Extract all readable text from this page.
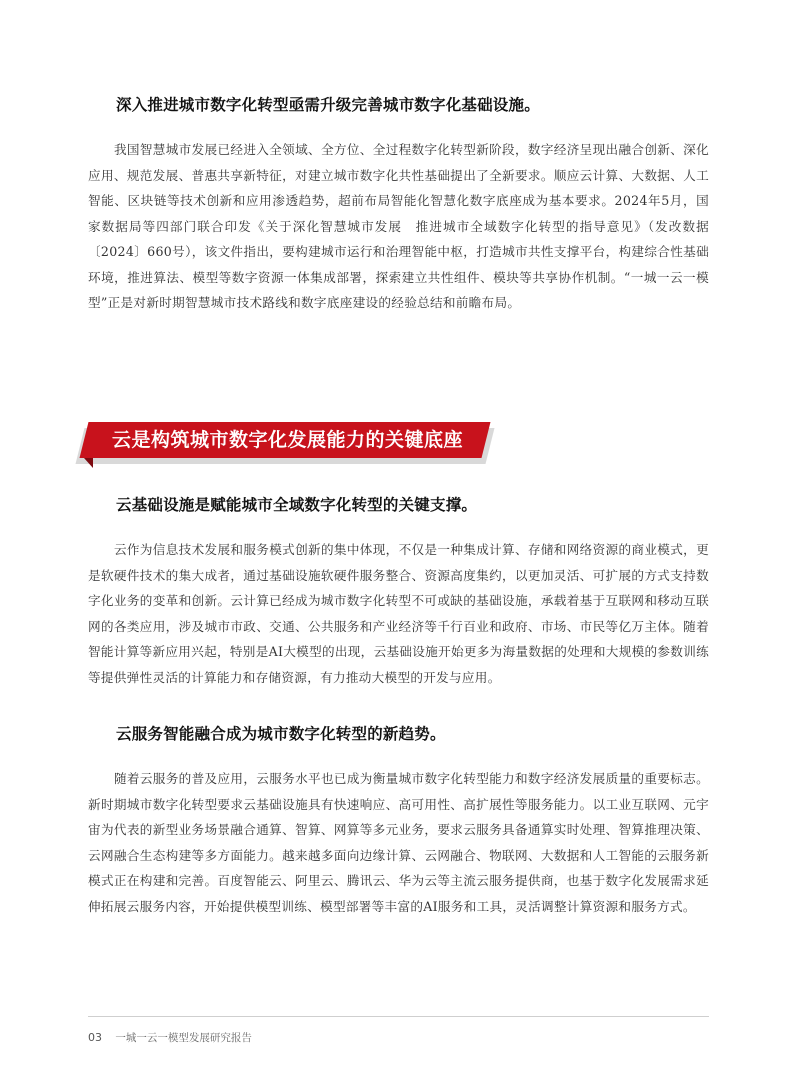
深入推进城市数字化转型亟需升级完善城市数字化基础设施。

我国智慧城市发展已经进入全领域、全方位、全过程数字化转型新阶段，数字经济呈现出融合创新、深化应用、规范发展、普惠共享新特征，对建立城市数字化共性基础提出了全新要求。顺应云计算、大数据、人工智能、区块链等技术创新和应用渗透趋势，超前布局智能化智慧化数字底座成为基本要求。2024年5月，国家数据局等四部门联合印发《关于深化智慧城市发展　推进城市全域数字化转型的指导意见》（发改数据〔2024〕660号），该文件指出，要构建城市运行和治理智能中枢，打造城市共性支撑平台，构建综合性基础环境，推进算法、模型等数字资源一体集成部署，探索建立共性组件、模块等共享协作机制。“一城一云一模型”正是对新时期智慧城市技术路线和数字底座建设的经验总结和前瞻布局。

云是构筑城市数字化发展能力的关键底座
云基础设施是赋能城市全域数字化转型的关键支撑。

云作为信息技术发展和服务模式创新的集中体现，不仅是一种集成计算、存储和网络资源的商业模式，更是软硬件技术的集大成者，通过基础设施软硬件服务整合、资源高度集约，以更加灵活、可扩展的方式支持数字化业务的变革和创新。云计算已经成为城市数字化转型不可或缺的基础设施，承载着基于互联网和移动互联网的各类应用，涉及城市市政、交通、公共服务和产业经济等千行百业和政府、市场、市民等亿万主体。随着智能计算等新应用兴起，特别是AI大模型的出现，云基础设施开始更多为海量数据的处理和大规模的参数训练等提供弹性灵活的计算能力和存储资源，有力推动大模型的开发与应用。

云服务智能融合成为城市数字化转型的新趋势。

随着云服务的普及应用，云服务水平也已成为衡量城市数字化转型能力和数字经济发展质量的重要标志。新时期城市数字化转型要求云基础设施具有快速响应、高可用性、高扩展性等服务能力。以工业互联网、元宇宙为代表的新型业务场景融合通算、智算、网算等多元业务，要求云服务具备通算实时处理、智算推理决策、云网融合生态构建等多方面能力。越来越多面向边缘计算、云网融合、物联网、大数据和人工智能的云服务新模式正在构建和完善。百度智能云、阿里云、腾讯云、华为云等主流云服务提供商，也基于数字化发展需求延伸拓展云服务内容，开始提供模型训练、模型部署等丰富的AI服务和工具，灵活调整计算资源和服务方式。

03 一城一云一模型发展研究报告
